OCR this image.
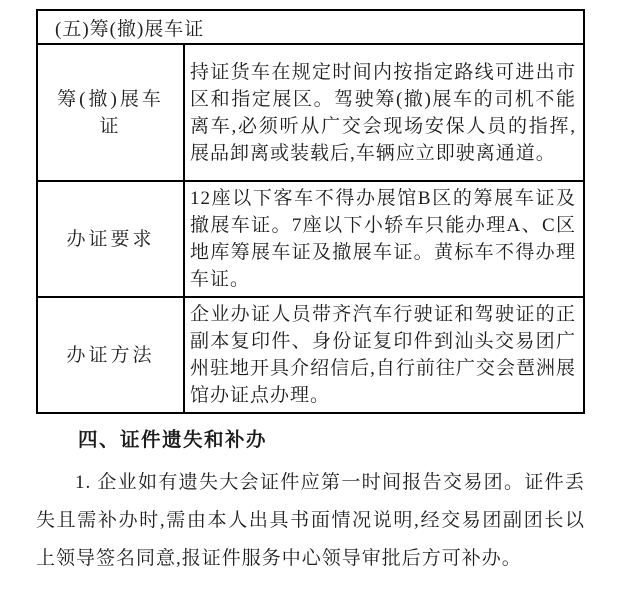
(五)筹(撤)展车证	
筹(撤)展车证	持证货车在规定时间内按指定路线可进出市区和指定展区。驾驶筹(撤)展车的司机不能离车,必须听从广交会现场安保人员的指挥,展品卸离或装载后,车辆应立即驶离通道。
办证要求	12座以下客车不得办展馆B区的筹展车证及撤展车证。7座以下小轿车只能办理A、C区地库筹展车证及撤展车证。黄标车不得办理车证。
办证方法	企业办证人员带齐汽车行驶证和驾驶证的正副本复印件、身份证复印件到汕头交易团广州驻地开具介绍信后,自行前往广交会琶洲展馆办证点办理。
四、证件遗失和补办

1. 企业如有遗失大会证件应第一时间报告交易团。证件丢失且需补办时,需由本人出具书面情况说明,经交易团副团长以上领导签名同意,报证件服务中心领导审批后方可补办。
